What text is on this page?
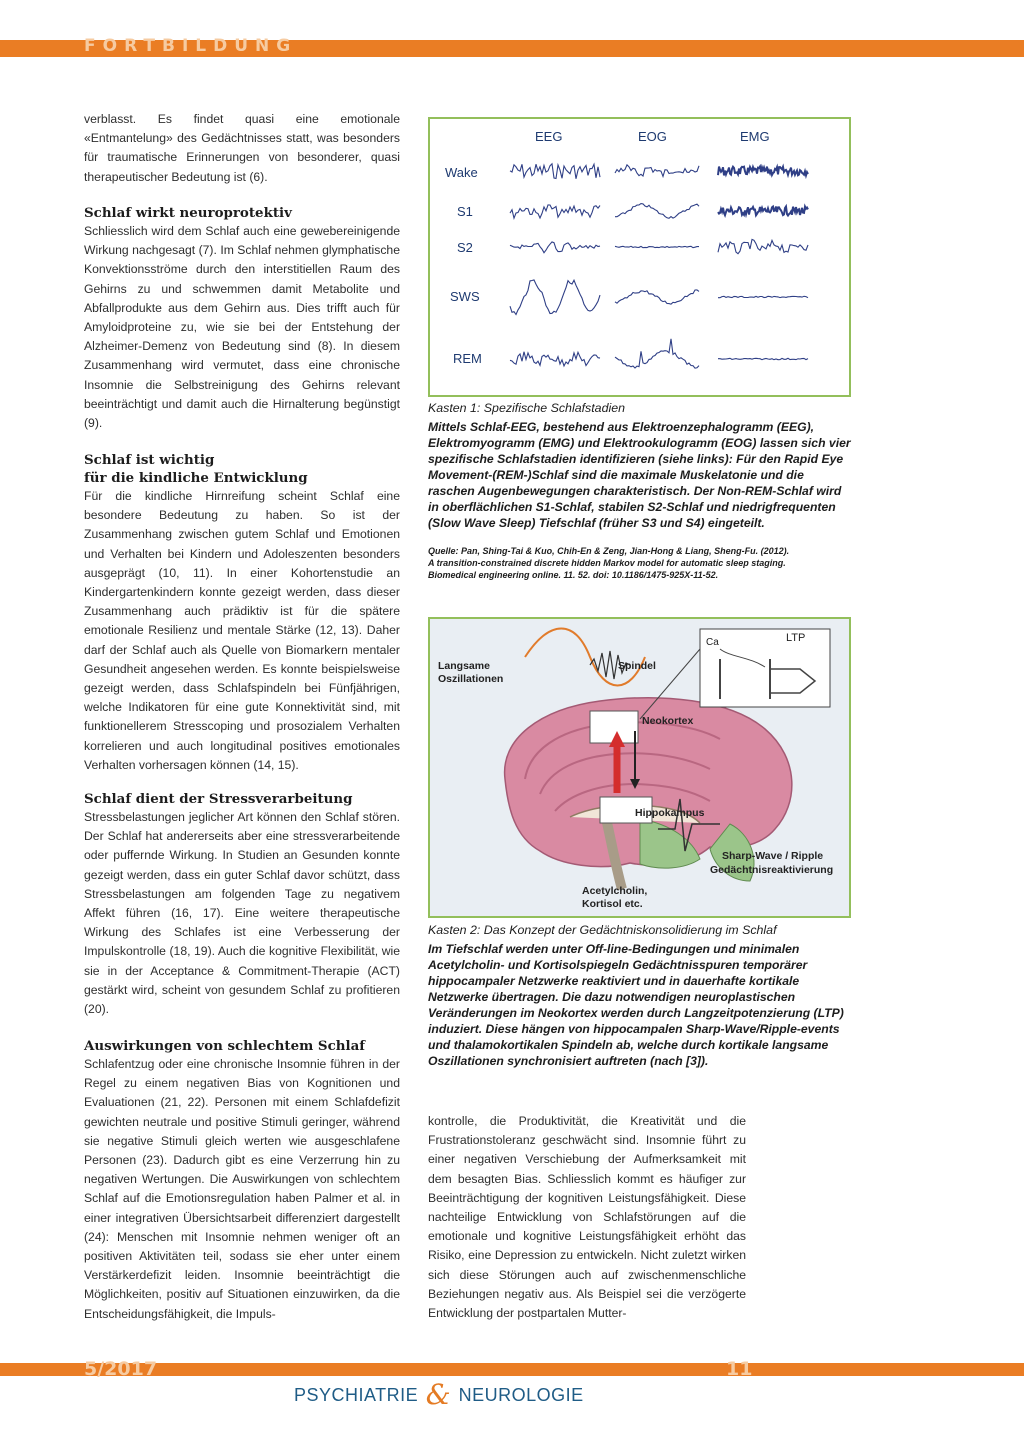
FORTBILDUNG

verblasst. Es findet quasi eine emotionale «Entmantelung» des Gedächtnisses statt, was besonders für traumatische Erinnerungen von besonderer, quasi therapeutischer Bedeutung ist (6).

Schlaf wirkt neuroprotektiv

Schliesslich wird dem Schlaf auch eine gewebereinigende Wirkung nachgesagt (7). Im Schlaf nehmen glymphatische Konvektionsströme durch den interstitiellen Raum des Gehirns zu und schwemmen damit Metabolite und Abfallprodukte aus dem Gehirn aus. Dies trifft auch für Amyloidproteine zu, wie sie bei der Entstehung der Alzheimer-Demenz von Bedeutung sind (8). In diesem Zusammenhang wird vermutet, dass eine chronische Insomnie die Selbstreinigung des Gehirns relevant beeinträchtigt und damit auch die Hirnalterung begünstigt (9).

Schlaf ist wichtig
für die kindliche Entwicklung

Für die kindliche Hirnreifung scheint Schlaf eine besondere Bedeutung zu haben. So ist der Zusammenhang zwischen gutem Schlaf und Emotionen und Verhalten bei Kindern und Adoleszenten besonders ausgeprägt (10, 11). In einer Kohortenstudie an Kindergartenkindern konnte gezeigt werden, dass dieser Zusammenhang auch prädiktiv ist für die spätere emotionale Resilienz und mentale Stärke (12, 13). Daher darf der Schlaf auch als Quelle von Biomarkern mentaler Gesundheit angesehen werden. Es konnte beispielsweise gezeigt werden, dass Schlafspindeln bei Fünfjährigen, welche Indikatoren für eine gute Konnektivität sind, mit funktionellerem Stresscoping und prosozialem Verhalten korrelieren und auch longitudinal positives emotionales Verhalten vorhersagen können (14, 15).

Schlaf dient der Stressverarbeitung

Stressbelastungen jeglicher Art können den Schlaf stören. Der Schlaf hat andererseits aber eine stressverarbeitende oder puffernde Wirkung. In Studien an Gesunden konnte gezeigt werden, dass ein guter Schlaf davor schützt, dass Stressbelastungen am folgenden Tage zu negativem Affekt führen (16, 17). Eine weitere therapeutische Wirkung des Schlafes ist eine Verbesserung der Impulskontrolle (18, 19). Auch die kognitive Flexibilität, wie sie in der Acceptance & Commitment-Therapie (ACT) gestärkt wird, scheint von gesundem Schlaf zu profitieren (20).

Auswirkungen von schlechtem Schlaf

Schlafentzug oder eine chronische Insomnie führen in der Regel zu einem negativen Bias von Kognitionen und Evaluationen (21, 22). Personen mit einem Schlafdefizit gewichten neutrale und positive Stimuli geringer, während sie negative Stimuli gleich werten wie ausgeschlafene Personen (23). Dadurch gibt es eine Verzerrung hin zu negativen Wertungen. Die Auswirkungen von schlechtem Schlaf auf die Emotionsregulation haben Palmer et al. in einer integrativen Übersichtsarbeit differenziert dargestellt (24): Menschen mit Insomnie nehmen weniger oft an positiven Aktivitäten teil, sodass sie eher unter einem Verstärkerdefizit leiden. Insomnie beeinträchtigt die Möglichkeiten, positiv auf Situationen einzuwirken, da die Entscheidungsfähigkeit, die Impuls-

EEG	EOG	EMG
Wake
S1
S2
SWS
REM
Kasten 1: Spezifische Schlafstadien
Mittels Schlaf-EEG, bestehend aus Elektroenzephalogramm (EEG), Elektromyogramm (EMG) und Elektrookulogramm (EOG) lassen sich vier spezifische Schlafstadien identifizieren (siehe links): Für den Rapid Eye Movement-(REM-)Schlaf sind die maximale Muskelatonie und die raschen Augenbewegungen charakteristisch. Der Non-REM-Schlaf wird in oberflächlichen S1-Schlaf, stabilen S2-Schlaf und niedrigfrequenten (Slow Wave Sleep) Tiefschlaf (früher S3 und S4) eingeteilt.
Quelle: Pan, Shing-Tai & Kuo, Chih-En & Zeng, Jian-Hong & Liang, Sheng-Fu. (2012).
A transition-constrained discrete hidden Markov model for automatic sleep staging.
Biomedical engineering online. 11. 52. doi: 10.1186/1475-925X-11-52.
Ca	LTP
Langsame
Oszillationen
Spindel
Neokortex
Hippokampus
Sharp-Wave / Ripple
Gedächtnisreaktivierung
Acetylcholin,
Kortisol etc.
Kasten 2: Das Konzept der Gedächtniskonsolidierung im Schlaf
Im Tiefschlaf werden unter Off-line-Bedingungen und minimalen Acetylcholin- und Kortisolspiegeln Gedächtnisspuren temporärer hippocampaler Netzwerke reaktiviert und in dauerhafte kortikale Netzwerke übertragen. Die dazu notwendigen neuroplastischen Veränderungen im Neokortex werden durch Langzeitpotenzierung (LTP) induziert. Diese hängen von hippocampalen Sharp-Wave/Ripple-events und thalamokortikalen Spindeln ab, welche durch kortikale langsame Oszillationen synchronisiert auftreten (nach [3]).

kontrolle, die Produktivität, die Kreativität und die Frustrationstoleranz geschwächt sind. Insomnie führt zu einer negativen Verschiebung der Aufmerksamkeit mit dem besagten Bias. Schliesslich kommt es häufiger zur Beeinträchtigung der kognitiven Leistungsfähigkeit. Diese nachteilige Entwicklung von Schlafstörungen auf die emotionale und kognitive Leistungsfähigkeit erhöht das Risiko, eine Depression zu entwickeln. Nicht zuletzt wirken sich diese Störungen auch auf zwischenmenschliche Beziehungen negativ aus. Als Beispiel sei die verzögerte Entwicklung der postpartalen Mutter-

5/2017	11
PSYCHIATRIE & NEUROLOGIE
